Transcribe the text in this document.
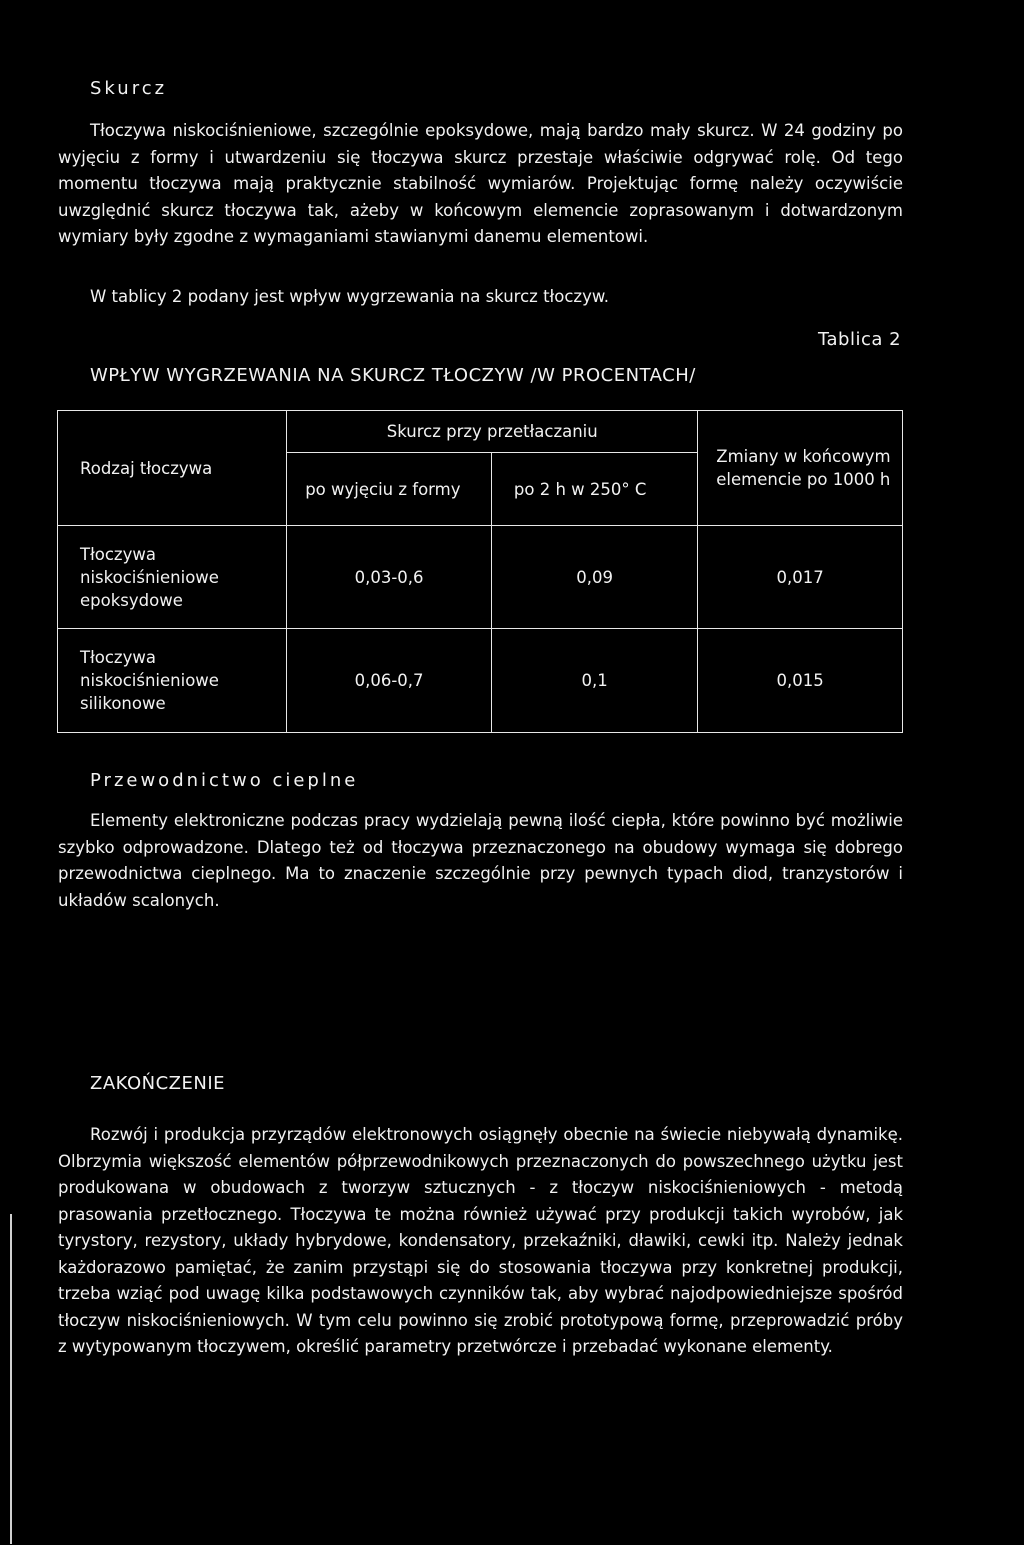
Skurcz

Tłoczywa niskociśnieniowe, szczególnie epoksydowe, mają bardzo mały skurcz. W 24 godziny po wyjęciu z formy i utwardzeniu się tłoczywa skurcz przestaje właściwie odgrywać rolę. Od tego momentu tłoczywa mają praktycznie stabilność wymiarów. Projektując formę należy oczywiście uwzględnić skurcz tłoczywa tak, ażeby w końcowym elemencie zoprasowanym i dotwardzonym wymiary były zgodne z wymaganiami stawianymi danemu elementowi.

W tablicy 2 podany jest wpływ wygrzewania na skurcz tłoczyw.
Tablica 2
WPŁYW WYGRZEWANIA NA SKURCZ TŁOCZYW /W PROCENTACH/
Rodzaj tłoczywa	Skurcz przy przetłaczaniu		Zmiany w końcowym elemencie po 1000 h
	po wyjęciu z formy	po 2 h w 250° C	
Tłoczywa niskociśnieniowe epoksydowe	0,03-0,6	0,09	0,017
Tłoczywa niskociśnieniowe silikonowe	0,06-0,7	0,1	0,015
Przewodnictwo cieplne

Elementy elektroniczne podczas pracy wydzielają pewną ilość ciepła, które powinno być możliwie szybko odprowadzone. Dlatego też od tłoczywa przeznaczonego na obudowy wymaga się dobrego przewodnictwa cieplnego. Ma to znaczenie szczególnie przy pewnych typach diod, tranzystorów i układów scalonych.

ZAKOŃCZENIE

Rozwój i produkcja przyrządów elektronowych osiągnęły obecnie na świecie niebywałą dynamikę. Olbrzymia większość elementów półprzewodnikowych przeznaczonych do powszechnego użytku jest produkowana w obudowach z tworzyw sztucznych - z tłoczyw niskociśnieniowych - metodą prasowania przetłocznego. Tłoczywa te można również używać przy produkcji takich wyrobów, jak tyrystory, rezystory, układy hybrydowe, kondensatory, przekaźniki, dławiki, cewki itp. Należy jednak każdorazowo pamiętać, że zanim przystąpi się do stosowania tłoczywa przy konkretnej produkcji, trzeba wziąć pod uwagę kilka podstawowych czynników tak, aby wybrać najodpowiedniejsze spośród tłoczyw niskociśnieniowych. W tym celu powinno się zrobić prototypową formę, przeprowadzić próby z wytypowanym tłoczywem, określić parametry przetwórcze i przebadać wykonane elementy.
